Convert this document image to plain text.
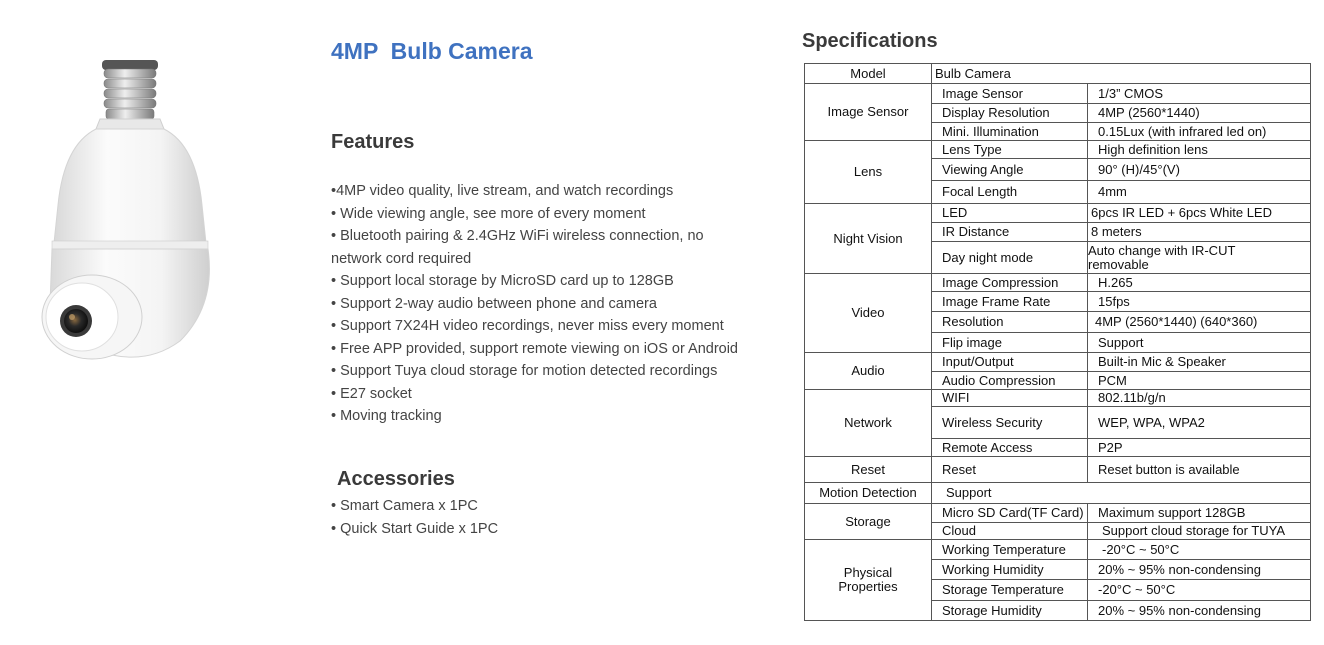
4MP  Bulb Camera
Features
•4MP video quality, live stream, and watch recordings
• Wide viewing angle, see more of every moment
• Bluetooth pairing & 2.4GHz WiFi wireless connection, no network cord required
• Support local storage by MicroSD card up to 128GB
• Support 2-way audio between phone and camera
• Support 7X24H video recordings, never miss every moment
• Free APP provided, support remote viewing on iOS or Android
• Support Tuya cloud storage for motion detected recordings
• E27 socket
• Moving tracking
Accessories
• Smart Camera x 1PC
• Quick Start Guide x 1PC
Specifications
Model	Bulb Camera	
Image Sensor	Image Sensor	1/3” CMOS
	Display Resolution	4MP (2560*1440)
	Mini. Illumination	0.15Lux (with infrared led on)
Lens	Lens Type	High definition lens
	Viewing Angle	90° (H)/45°(V)
	Focal Length	4mm
Night Vision	LED	6pcs IR LED + 6pcs White LED
	IR Distance	8 meters
	Day night mode	Auto change with IR-CUT removable
Video	Image Compression	H.265
	Image Frame Rate	15fps
	Resolution	4MP (2560*1440) (640*360)
	Flip image	Support
Audio	Input/Output	Built-in Mic & Speaker
	Audio Compression	PCM
Network	WIFI	802.11b/g/n
	Wireless Security	WEP, WPA, WPA2
	Remote Access	P2P
Reset	Reset	Reset button is available
Motion Detection	Support	
Storage	Micro SD Card(TF Card)	Maximum support 128GB
	Cloud	Support cloud storage for TUYA
Physical
Properties	Working Temperature	-20°C ~ 50°C
	Working Humidity	20% ~ 95% non-condensing
	Storage Temperature	-20°C ~ 50°C
	Storage Humidity	20% ~ 95% non-condensing
